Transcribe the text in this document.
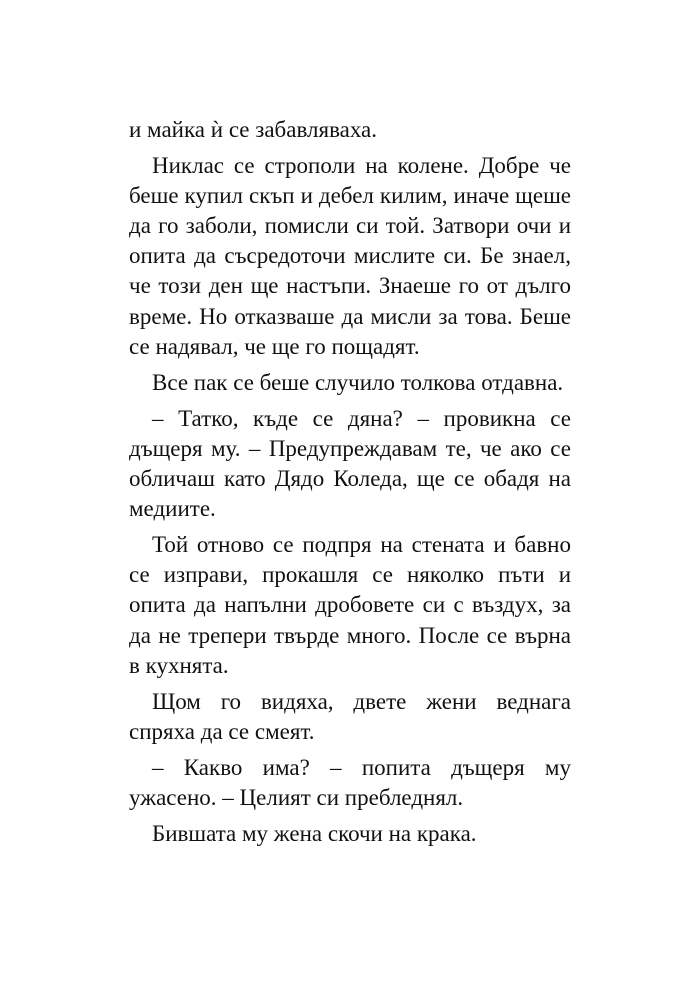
и майка ѝ се забавляваха.

Никлас се строполи на колене. Добре че беше купил скъп и дебел килим, иначе щеше да го заболи, помисли си той. Затвори очи и опита да съсредоточи мислите си. Бе знаел, че този ден ще настъпи. Знаеше го от дълго време. Но отказваше да мисли за това. Беше се надявал, че ще го пощадят.

Все пак се беше случило толкова отдавна.

– Татко, къде се дяна? – провикна се дъщеря му. – Предупреждавам те, че ако се обличаш като Дядо Коледа, ще се обадя на медиите.

Той отново се подпря на стената и бавно се изправи, прокашля се няколко пъти и опита да напълни дробовете си с въздух, за да не трепери твърде много. После се върна в кухнята.

Щом го видяха, двете жени веднага спряха да се смеят.

– Какво има? – попита дъщеря му ужасено. – Целият си пребледнял.

Бившата му жена скочи на крака.
